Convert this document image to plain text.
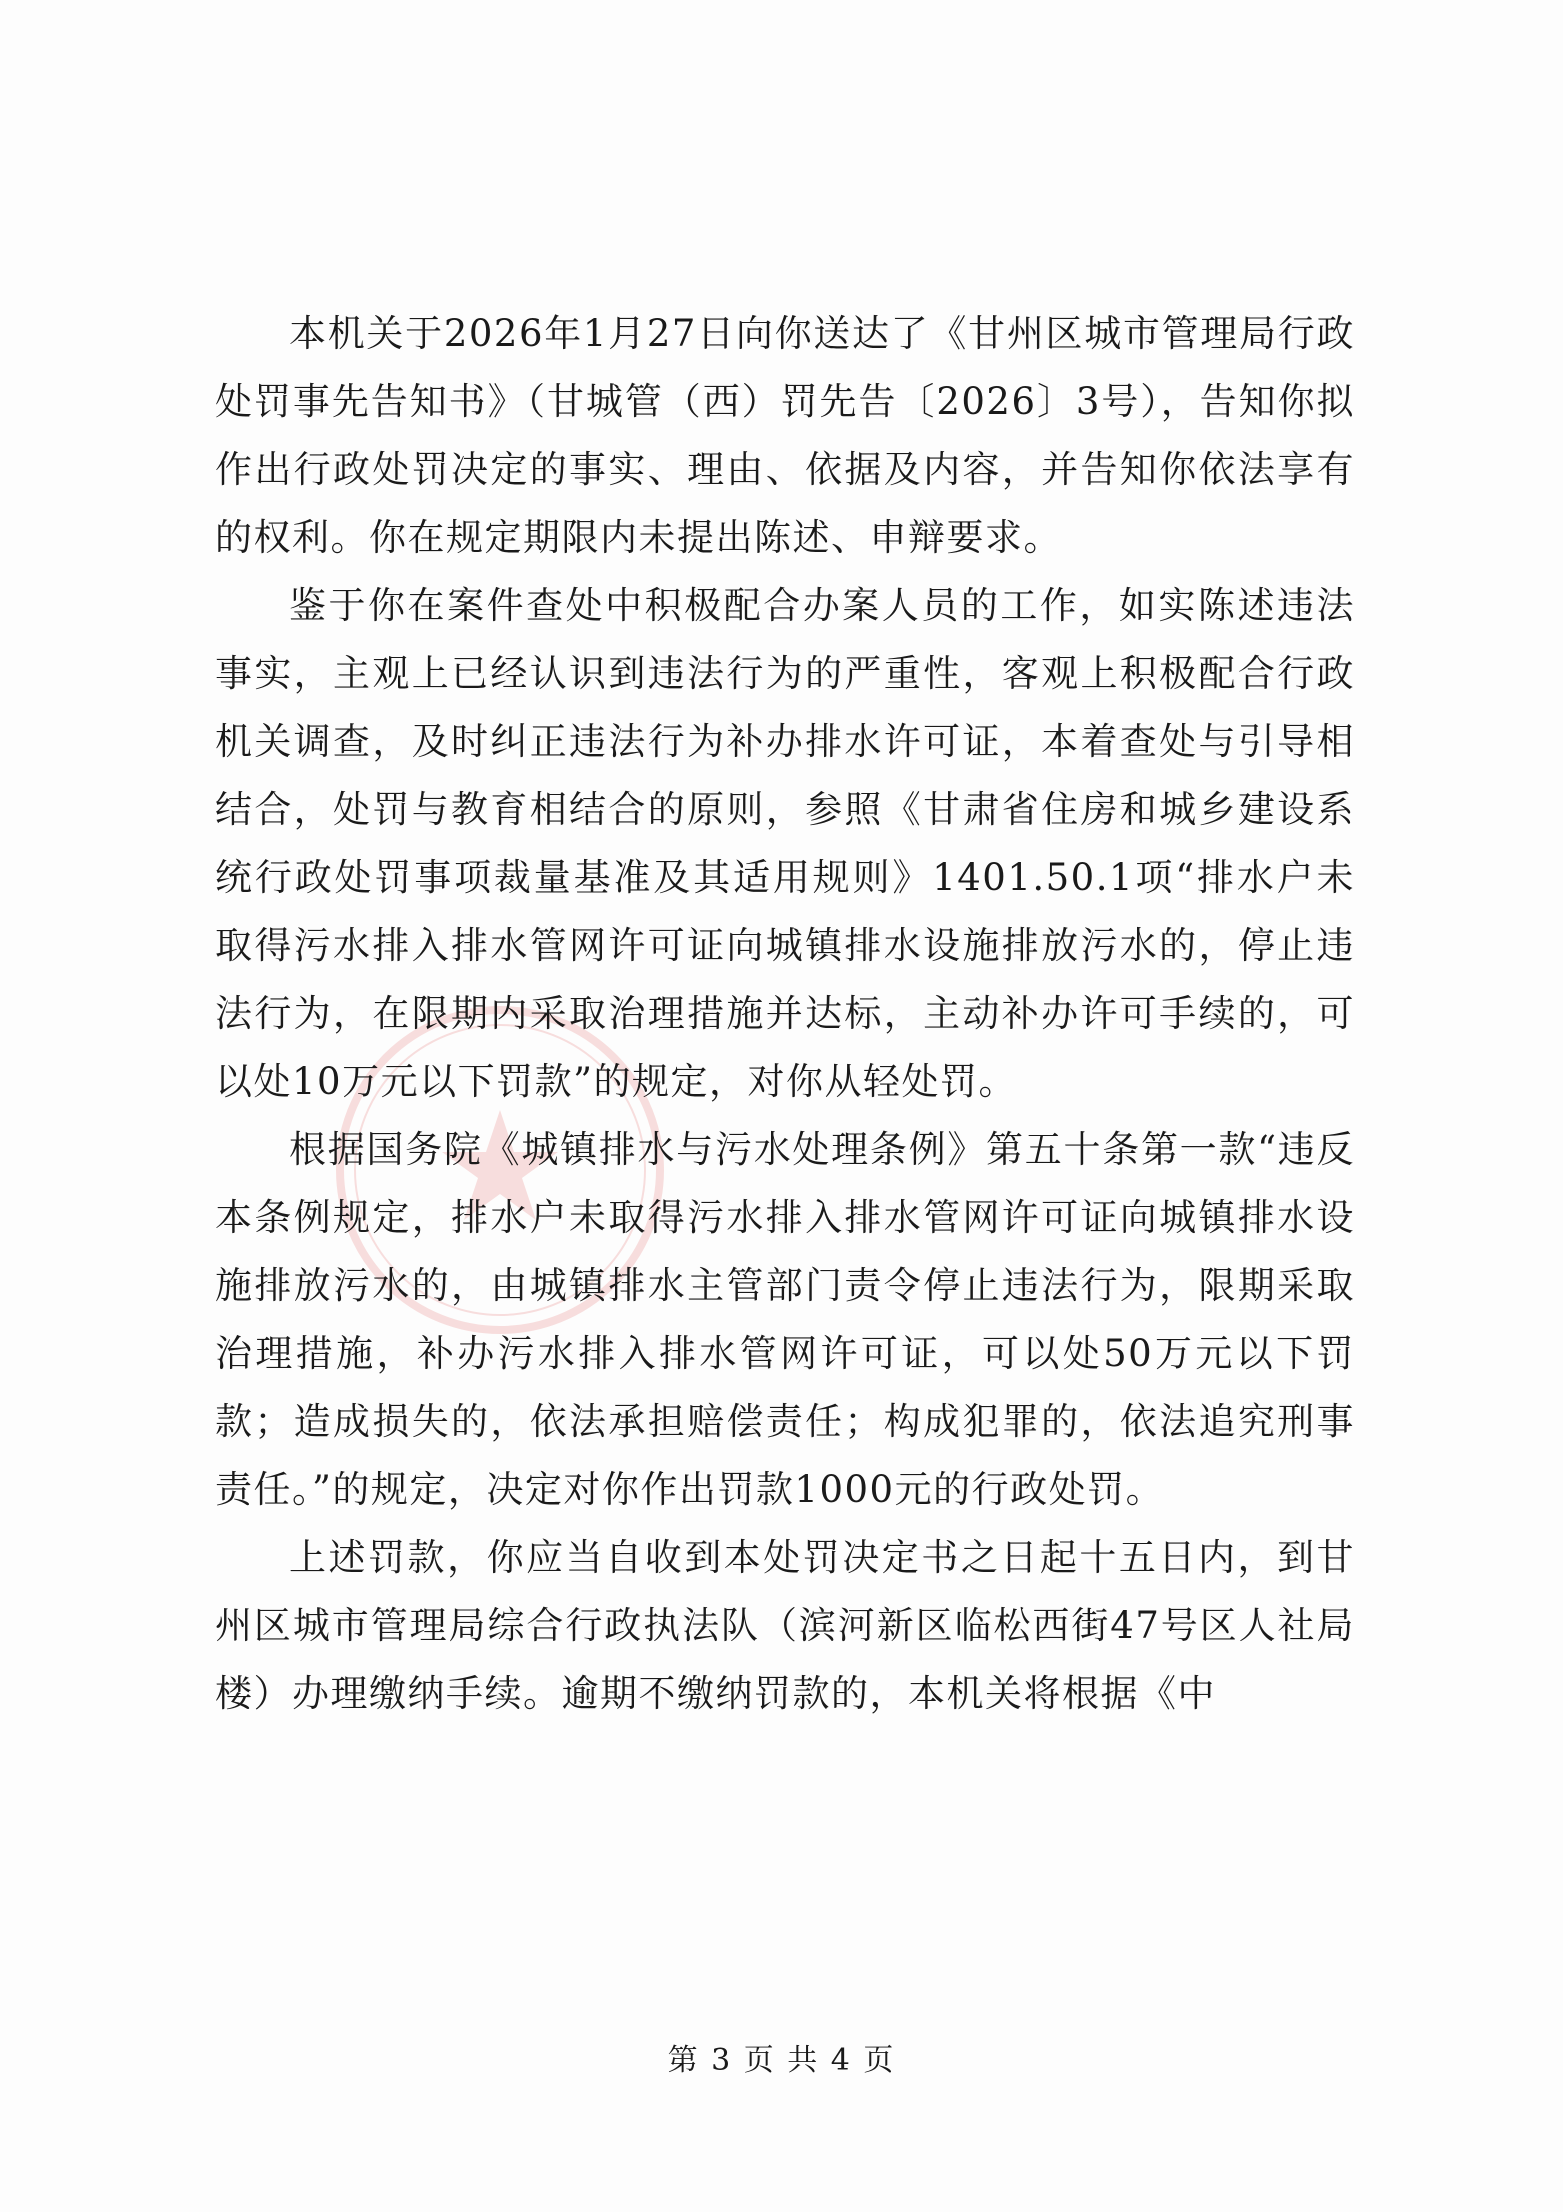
本机关于2026年1月27日向你送达了《甘州区城市管理局行政处罚事先告知书》（甘城管（西）罚先告〔2026〕3号），告知你拟作出行政处罚决定的事实、理由、依据及内容，并告知你依法享有的权利。你在规定期限内未提出陈述、申辩要求。

鉴于你在案件查处中积极配合办案人员的工作，如实陈述违法事实，主观上已经认识到违法行为的严重性，客观上积极配合行政机关调查，及时纠正违法行为补办排水许可证，本着查处与引导相结合，处罚与教育相结合的原则，参照《甘肃省住房和城乡建设系统行政处罚事项裁量基准及其适用规则》1401.50.1项“排水户未取得污水排入排水管网许可证向城镇排水设施排放污水的，停止违法行为，在限期内采取治理措施并达标，主动补办许可手续的，可以处10万元以下罚款”的规定，对你从轻处罚。

根据国务院《城镇排水与污水处理条例》第五十条第一款“违反本条例规定，排水户未取得污水排入排水管网许可证向城镇排水设施排放污水的，由城镇排水主管部门责令停止违法行为，限期采取治理措施，补办污水排入排水管网许可证，可以处50万元以下罚款；造成损失的，依法承担赔偿责任；构成犯罪的，依法追究刑事责任。”的规定，决定对你作出罚款1000元的行政处罚。

上述罚款，你应当自收到本处罚决定书之日起十五日内，到甘州区城市管理局综合行政执法队（滨河新区临松西街47号区人社局楼）办理缴纳手续。逾期不缴纳罚款的，本机关将根据《中

第 3 页 共 4 页
